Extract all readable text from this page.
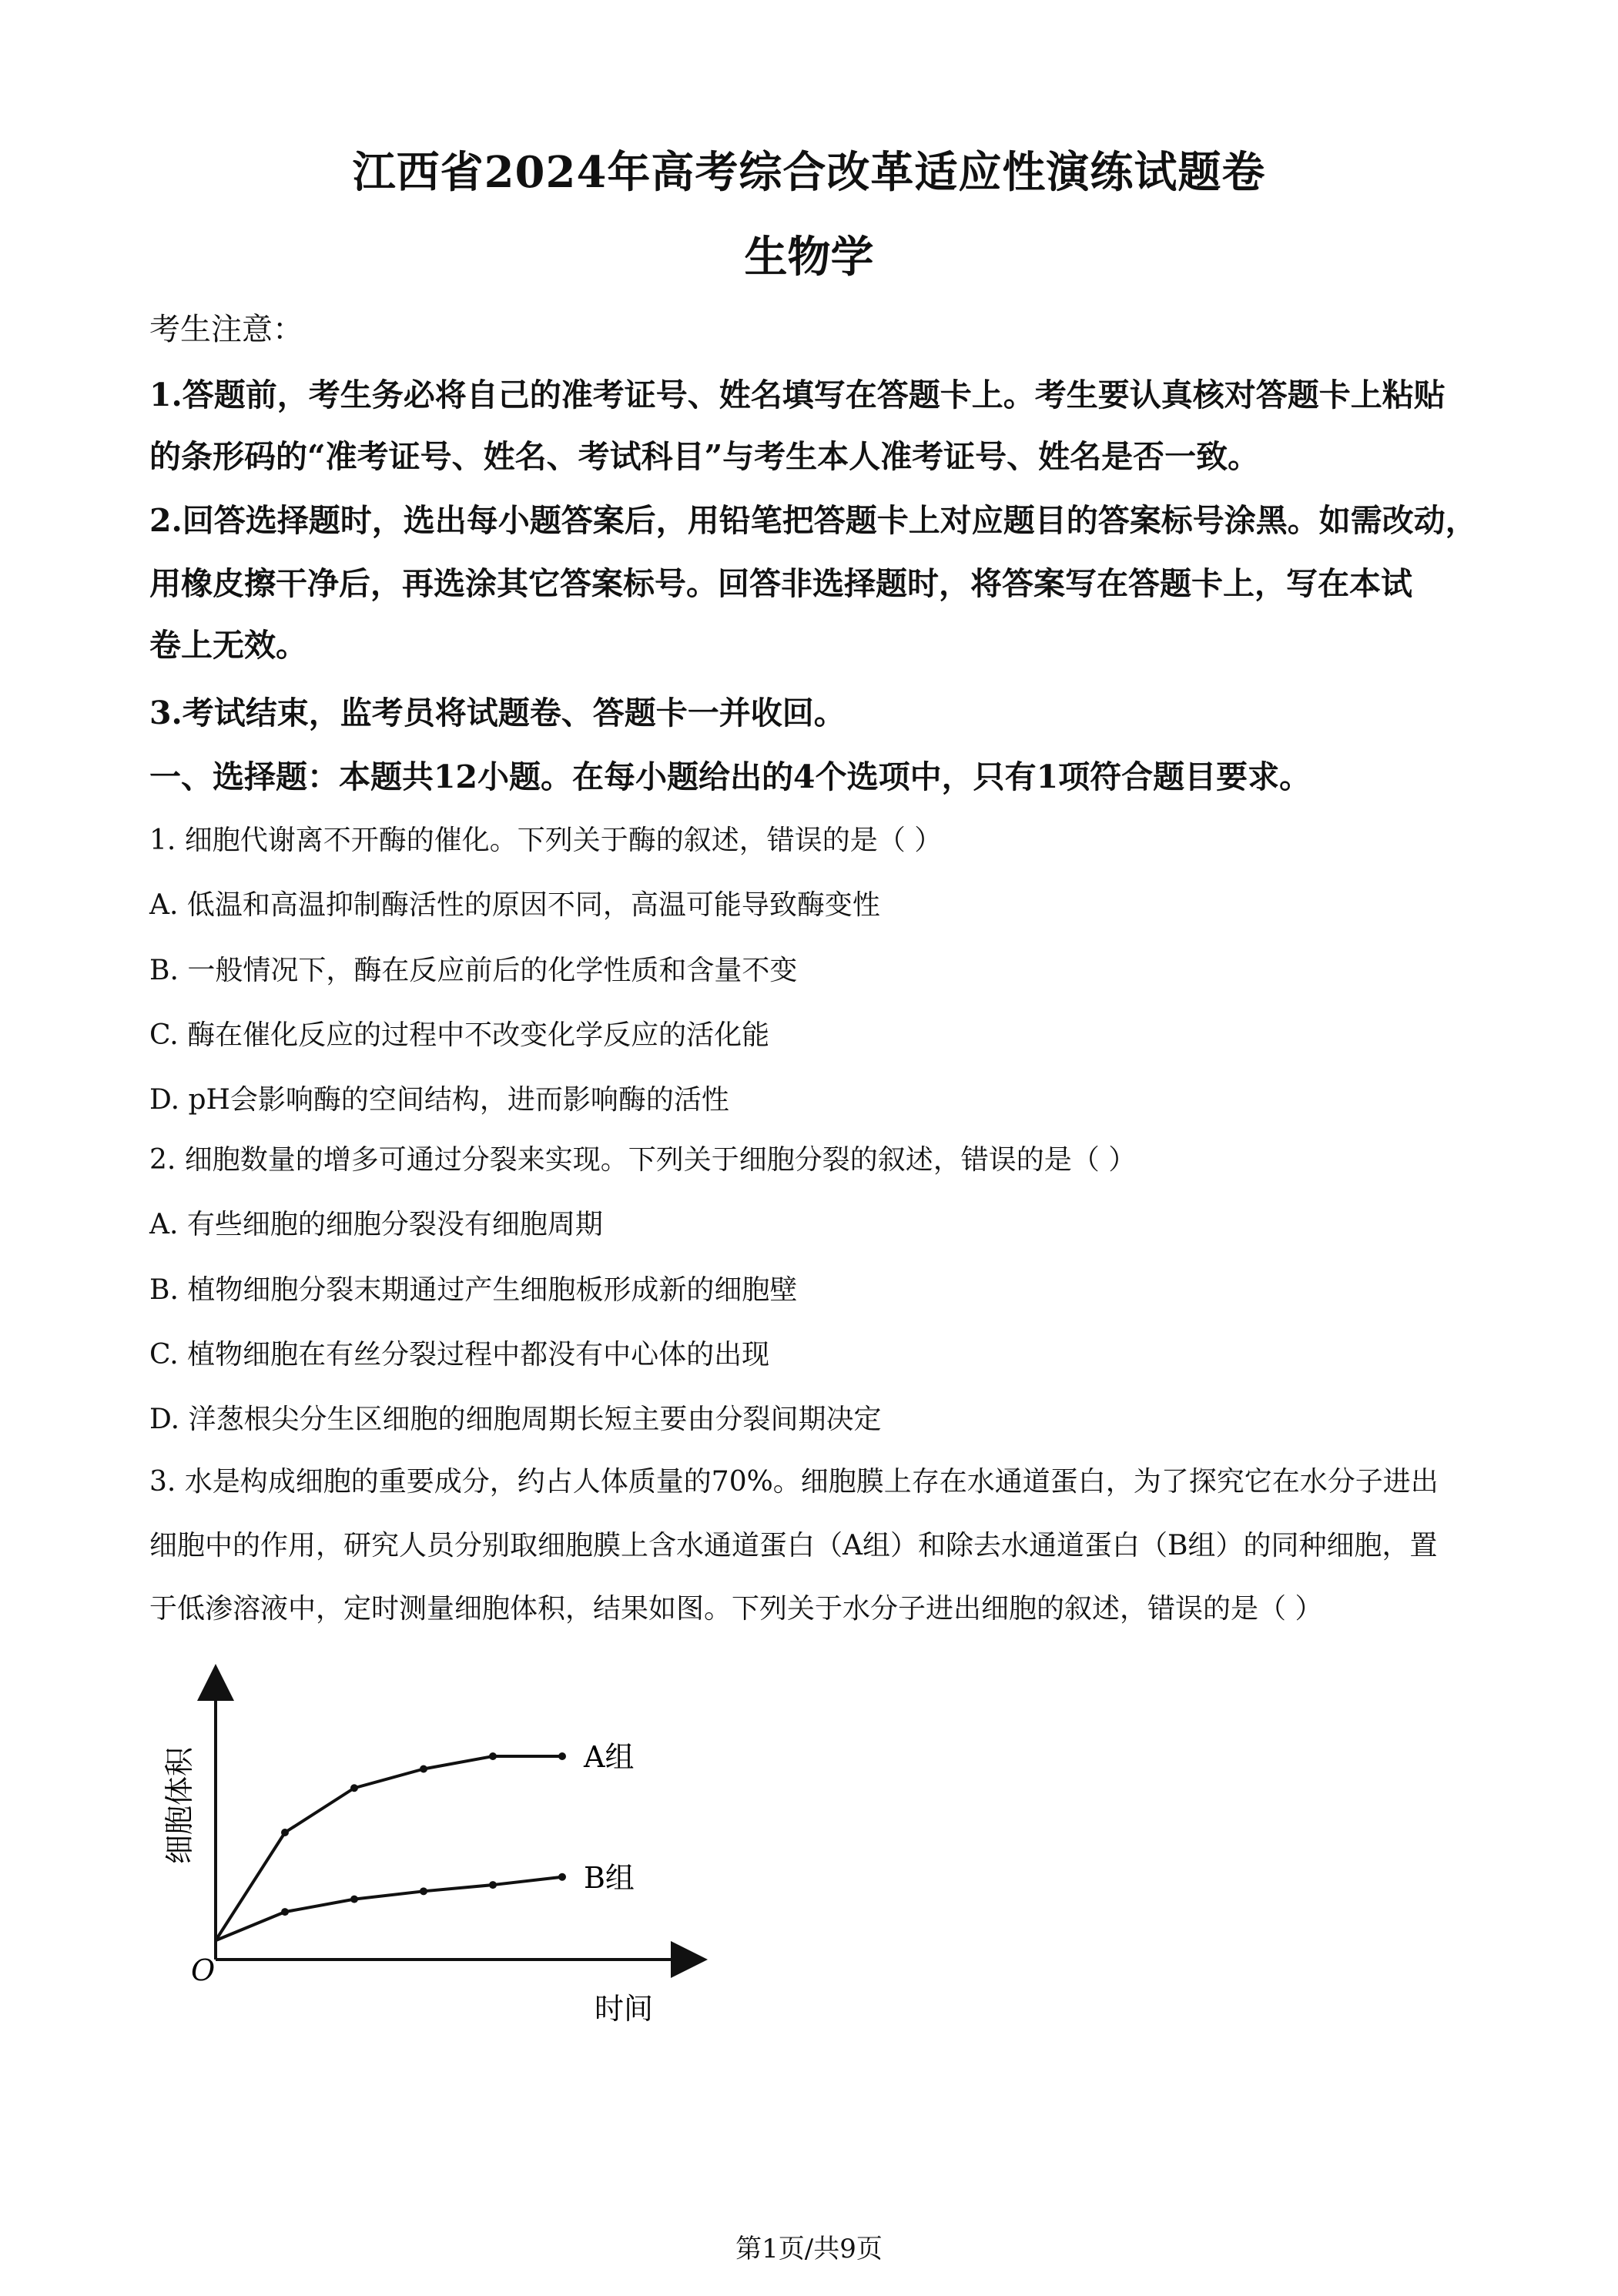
江西省2024年高考综合改革适应性演练试题卷
生物学
考生注意：
1.答题前，考生务必将自己的准考证号、姓名填写在答题卡上。考生要认真核对答题卡上粘贴
的条形码的“准考证号、姓名、考试科目”与考生本人准考证号、姓名是否一致。
2.回答选择题时，选出每小题答案后，用铅笔把答题卡上对应题目的答案标号涂黑。如需改动，
用橡皮擦干净后，再选涂其它答案标号。回答非选择题时，将答案写在答题卡上，写在本试
卷上无效。
3.考试结束，监考员将试题卷、答题卡一并收回。
一、选择题：本题共12小题。在每小题给出的4个选项中，只有1项符合题目要求。
1. 细胞代谢离不开酶的催化。下列关于酶的叙述，错误的是（ ）
A. 低温和高温抑制酶活性的原因不同，高温可能导致酶变性
B. 一般情况下，酶在反应前后的化学性质和含量不变
C. 酶在催化反应的过程中不改变化学反应的活化能
D. pH会影响酶的空间结构，进而影响酶的活性
2. 细胞数量的增多可通过分裂来实现。下列关于细胞分裂的叙述，错误的是（ ）
A. 有些细胞的细胞分裂没有细胞周期
B. 植物细胞分裂末期通过产生细胞板形成新的细胞壁
C. 植物细胞在有丝分裂过程中都没有中心体的出现
D. 洋葱根尖分生区细胞的细胞周期长短主要由分裂间期决定
3. 水是构成细胞的重要成分，约占人体质量的70%。细胞膜上存在水通道蛋白，为了探究它在水分子进出
细胞中的作用，研究人员分别取细胞膜上含水通道蛋白（A组）和除去水通道蛋白（B组）的同种细胞，置
于低渗溶液中，定时测量细胞体积，结果如图。下列关于水分子进出细胞的叙述，错误的是（ ）
细胞体积
时间
O
A组
B组
第1页/共9页
